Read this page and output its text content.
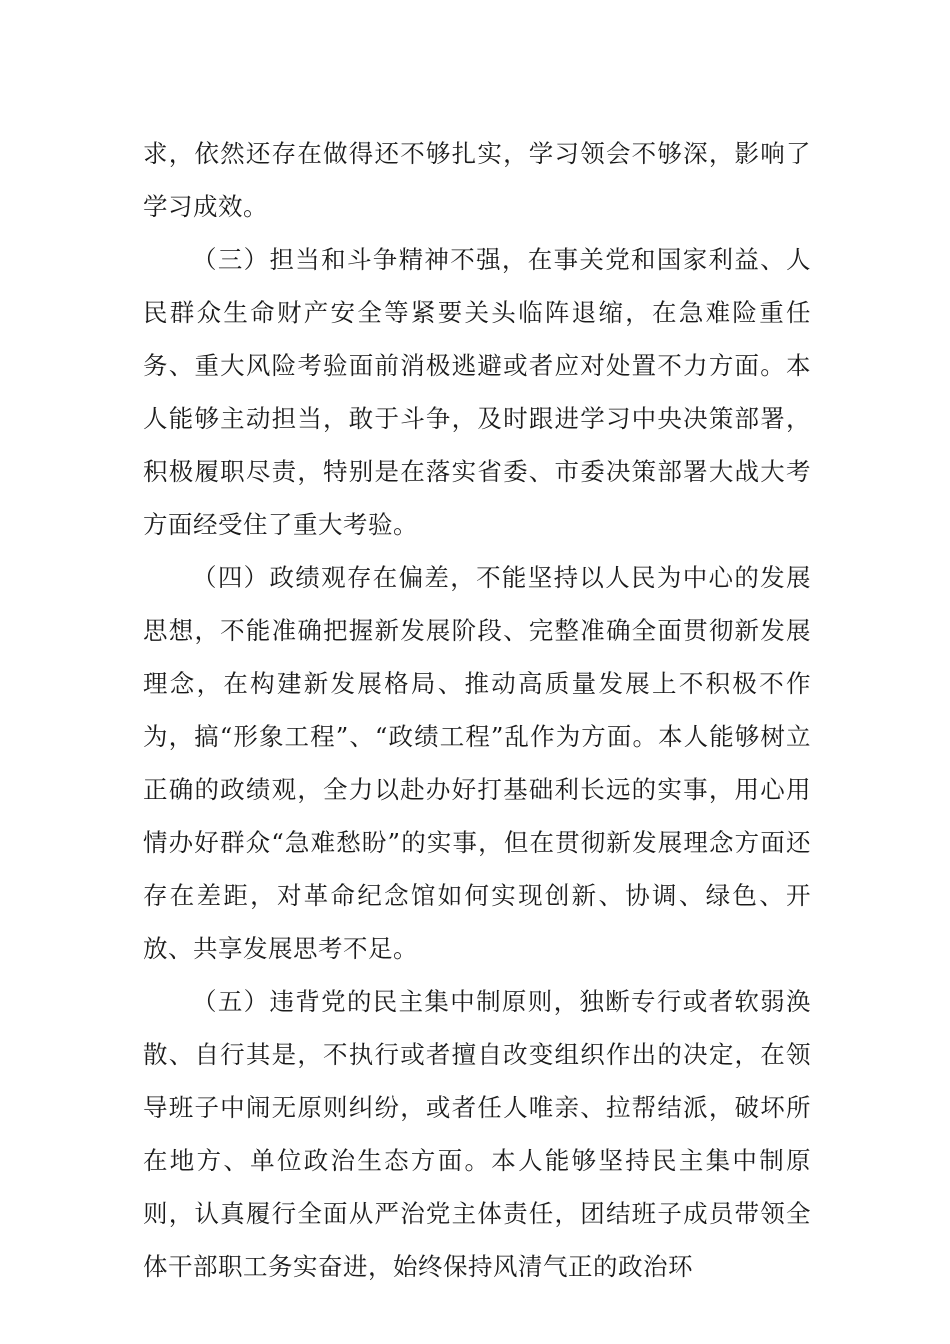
求，依然还存在做得还不够扎实，学习领会不够深，影响了学习成效。

（三）担当和斗争精神不强，在事关党和国家利益、人民群众生命财产安全等紧要关头临阵退缩，在急难险重任务、重大风险考验面前消极逃避或者应对处置不力方面。本人能够主动担当，敢于斗争，及时跟进学习中央决策部署，积极履职尽责，特别是在落实省委、市委决策部署大战大考方面经受住了重大考验。

（四）政绩观存在偏差，不能坚持以人民为中心的发展思想，不能准确把握新发展阶段、完整准确全面贯彻新发展理念，在构建新发展格局、推动高质量发展上不积极不作为，搞“形象工程”、“政绩工程”乱作为方面。本人能够树立正确的政绩观，全力以赴办好打基础利长远的实事，用心用情办好群众“急难愁盼”的实事，但在贯彻新发展理念方面还存在差距，对革命纪念馆如何实现创新、协调、绿色、开放、共享发展思考不足。

（五）违背党的民主集中制原则，独断专行或者软弱涣散、自行其是，不执行或者擅自改变组织作出的决定，在领导班子中闹无原则纠纷，或者任人唯亲、拉帮结派，破坏所在地方、单位政治生态方面。本人能够坚持民主集中制原则，认真履行全面从严治党主体责任，团结班子成员带领全体干部职工务实奋进，始终保持风清气正的政治环
